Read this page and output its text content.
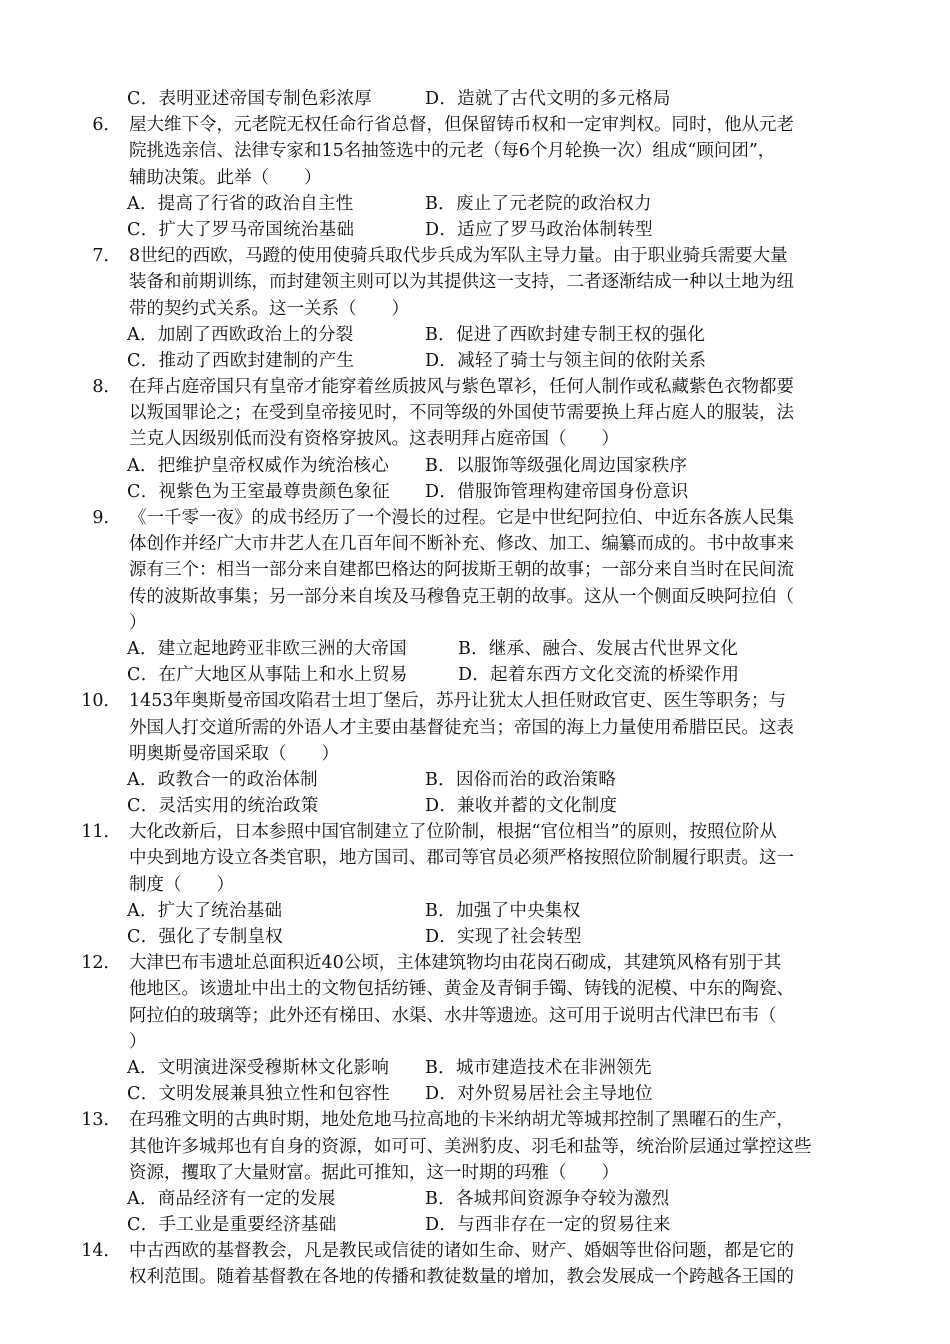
C．表明亚述帝国专制色彩浓厚	D．造就了古代文明的多元格局
6． 屋大维下令，元老院无权任命行省总督，但保留铸币权和一定审判权。同时，他从元老
院挑选亲信、法律专家和15名抽签选中的元老（每6个月轮换一次）组成“顾问团”，
辅助决策。此举（　　）
A．提高了行省的政治自主性	B．废止了元老院的政治权力
C．扩大了罗马帝国统治基础	D．适应了罗马政治体制转型
7． 8世纪的西欧，马蹬的使用使骑兵取代步兵成为军队主导力量。由于职业骑兵需要大量
装备和前期训练，而封建领主则可以为其提供这一支持，二者逐渐结成一种以土地为纽
带的契约式关系。这一关系（　　）
A．加剧了西欧政治上的分裂	B．促进了西欧封建专制王权的强化
C．推动了西欧封建制的产生	D．减轻了骑士与领主间的依附关系
8． 在拜占庭帝国只有皇帝才能穿着丝质披风与紫色罩衫，任何人制作或私藏紫色衣物都要
以叛国罪论之；在受到皇帝接见时，不同等级的外国使节需要换上拜占庭人的服装，法
兰克人因级别低而没有资格穿披风。这表明拜占庭帝国（　　）
A．把维护皇帝权威作为统治核心 B．以服饰等级强化周边国家秩序
C．视紫色为王室最尊贵颜色象征 D．借服饰管理构建帝国身份意识
9． 《一千零一夜》的成书经历了一个漫长的过程。它是中世纪阿拉伯、中近东各族人民集
体创作并经广大市井艺人在几百年间不断补充、修改、加工、编纂而成的。书中故事来
源有三个：相当一部分来自建都巴格达的阿拔斯王朝的故事；一部分来自当时在民间流
传的波斯故事集；另一部分来自埃及马穆鲁克王朝的故事。这从一个侧面反映阿拉伯（
）
A．建立起地跨亚非欧三洲的大帝国	B．继承、融合、发展古代世界文化
C．在广大地区从事陆上和水上贸易	D．起着东西方文化交流的桥梁作用
10． 1453年奥斯曼帝国攻陷君士坦丁堡后，苏丹让犹太人担任财政官吏、医生等职务；与
外国人打交道所需的外语人才主要由基督徒充当；帝国的海上力量使用希腊臣民。这表
明奥斯曼帝国采取（　　）
A．政教合一的政治体制	B．因俗而治的政治策略
C．灵活实用的统治政策	D．兼收并蓄的文化制度
11． 大化改新后，日本参照中国官制建立了位阶制，根据“官位相当”的原则，按照位阶从
中央到地方设立各类官职，地方国司、郡司等官员必须严格按照位阶制履行职责。这一
制度（　　）
A．扩大了统治基础	B．加强了中央集权
C．强化了专制皇权	D．实现了社会转型
12． 大津巴布韦遗址总面积近40公顷，主体建筑物均由花岗石砌成，其建筑风格有别于其
他地区。该遗址中出土的文物包括纺锤、黄金及青铜手镯、铸钱的泥模、中东的陶瓷、
阿拉伯的玻璃等；此外还有梯田、水渠、水井等遗迹。这可用于说明古代津巴布韦（
）
A．文明演进深受穆斯林文化影响 B．城市建造技术在非洲领先
C．文明发展兼具独立性和包容性 D．对外贸易居社会主导地位
13． 在玛雅文明的古典时期，地处危地马拉高地的卡米纳胡尤等城邦控制了黑曜石的生产，
其他许多城邦也有自身的资源，如可可、美洲豹皮、羽毛和盐等，统治阶层通过掌控这些
资源，攫取了大量财富。据此可推知，这一时期的玛雅（　　）
A．商品经济有一定的发展	B．各城邦间资源争夺较为激烈
C．手工业是重要经济基础	D．与西非存在一定的贸易往来
14． 中古西欧的基督教会，凡是教民或信徒的诸如生命、财产、婚姻等世俗问题，都是它的
权利范围。随着基督教在各地的传播和教徒数量的增加，教会发展成一个跨越各王国的
